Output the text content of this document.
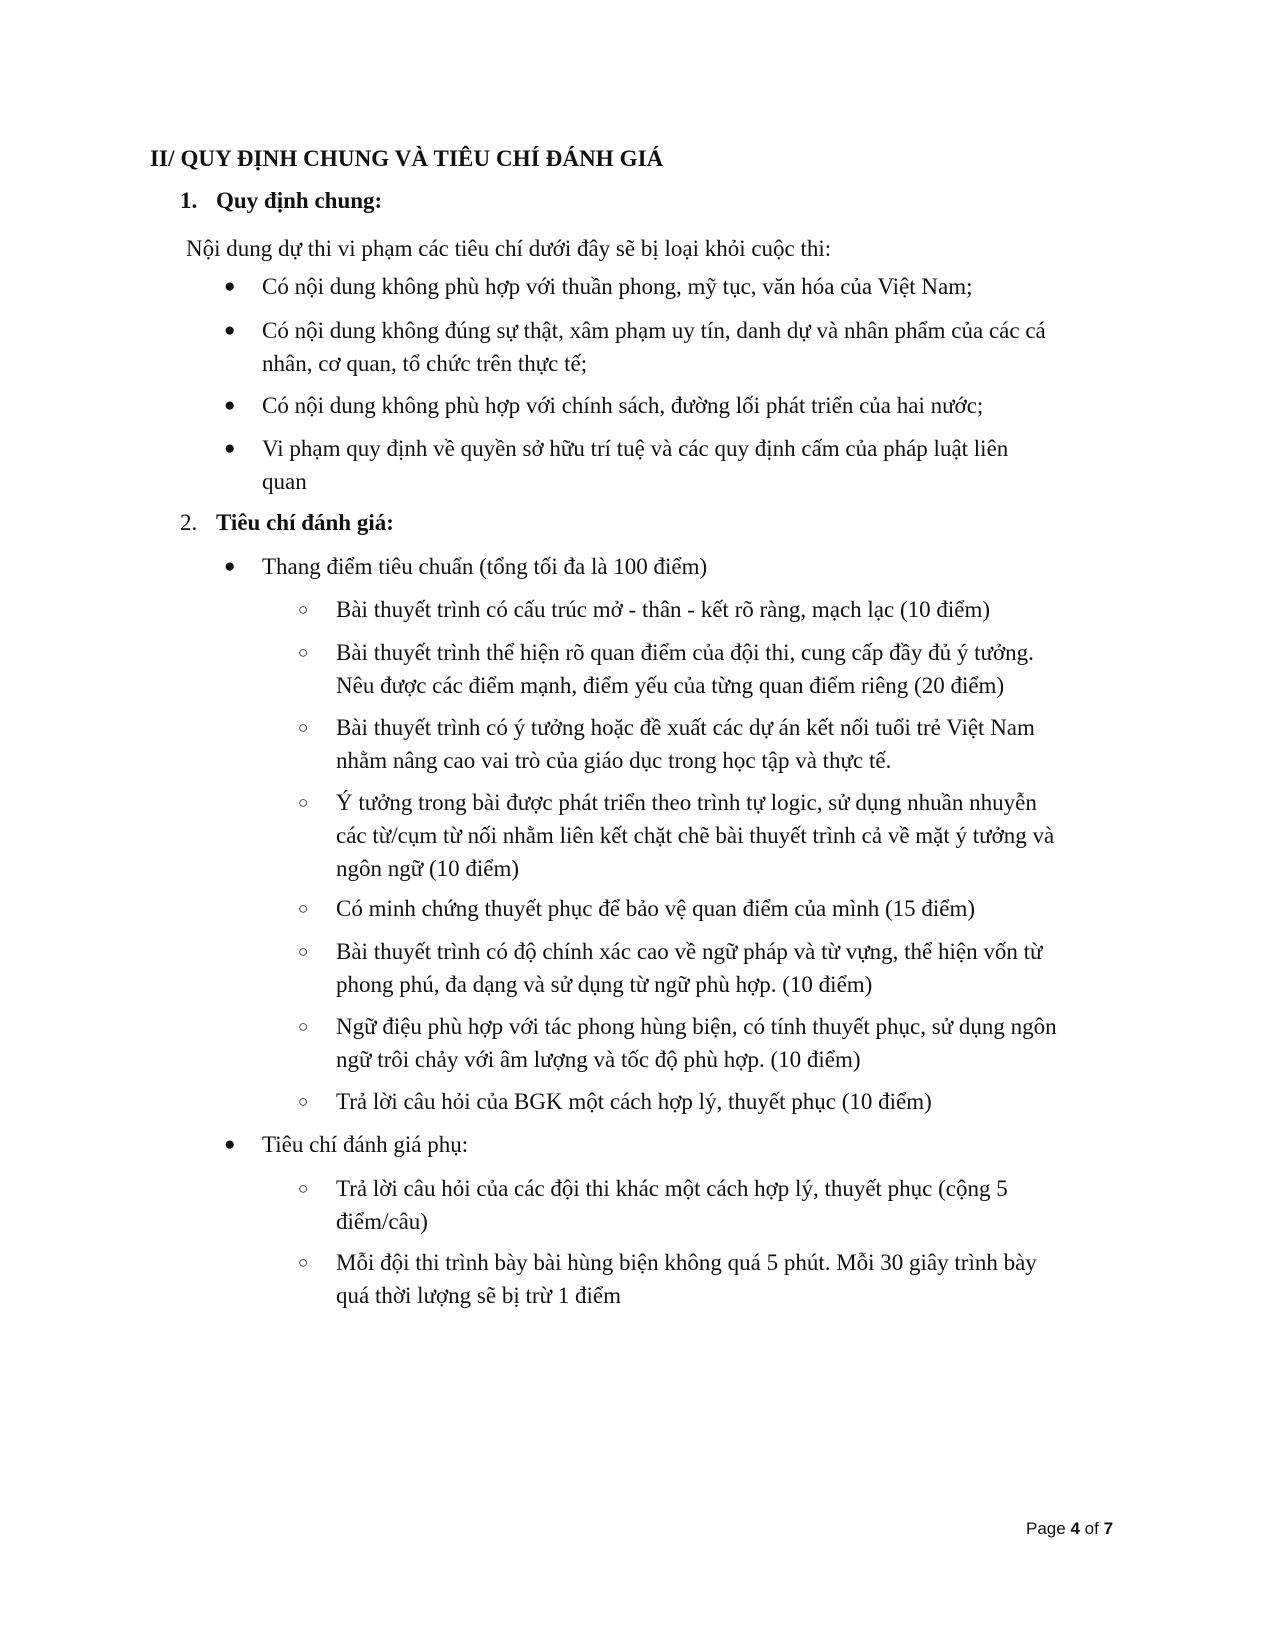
II/ QUY ĐỊNH CHUNG VÀ TIÊU CHÍ ĐÁNH GIÁ
1. Quy định chung:
Nội dung dự thi vi phạm các tiêu chí dưới đây sẽ bị loại khỏi cuộc thi:
●	Có nội dung không phù hợp với thuần phong, mỹ tục, văn hóa của Việt Nam;
●	Có nội dung không đúng sự thật, xâm phạm uy tín, danh dự và nhân phẩm của các cá
nhân, cơ quan, tổ chức trên thực tế;
●	Có nội dung không phù hợp với chính sách, đường lối phát triển của hai nước;
●	Vi phạm quy định về quyền sở hữu trí tuệ và các quy định cấm của pháp luật liên
quan
2. Tiêu chí đánh giá:
●	Thang điểm tiêu chuẩn (tổng tối đa là 100 điểm)
○	Bài thuyết trình có cấu trúc mở - thân - kết rõ ràng, mạch lạc (10 điểm)
○	Bài thuyết trình thể hiện rõ quan điểm của đội thi, cung cấp đầy đủ ý tưởng.
Nêu được các điểm mạnh, điểm yếu của từng quan điểm riêng (20 điểm)
○	Bài thuyết trình có ý tưởng hoặc đề xuất các dự án kết nối tuổi trẻ Việt Nam
nhằm nâng cao vai trò của giáo dục trong học tập và thực tế.
○	Ý tưởng trong bài được phát triển theo trình tự logic, sử dụng nhuần nhuyễn
các từ/cụm từ nối nhằm liên kết chặt chẽ bài thuyết trình cả về mặt ý tưởng và
ngôn ngữ (10 điểm)
○	Có minh chứng thuyết phục để bảo vệ quan điểm của mình (15 điểm)
○	Bài thuyết trình có độ chính xác cao về ngữ pháp và từ vựng, thể hiện vốn từ
phong phú, đa dạng và sử dụng từ ngữ phù hợp. (10 điểm)
○	Ngữ điệu phù hợp với tác phong hùng biện, có tính thuyết phục, sử dụng ngôn
ngữ trôi chảy với âm lượng và tốc độ phù hợp. (10 điểm)
○	Trả lời câu hỏi của BGK một cách hợp lý, thuyết phục (10 điểm)
●	Tiêu chí đánh giá phụ:
○	Trả lời câu hỏi của các đội thi khác một cách hợp lý, thuyết phục (cộng 5
điểm/câu)
○	Mỗi đội thi trình bày bài hùng biện không quá 5 phút. Mỗi 30 giây trình bày
quá thời lượng sẽ bị trừ 1 điểm
Page 4 of 7
